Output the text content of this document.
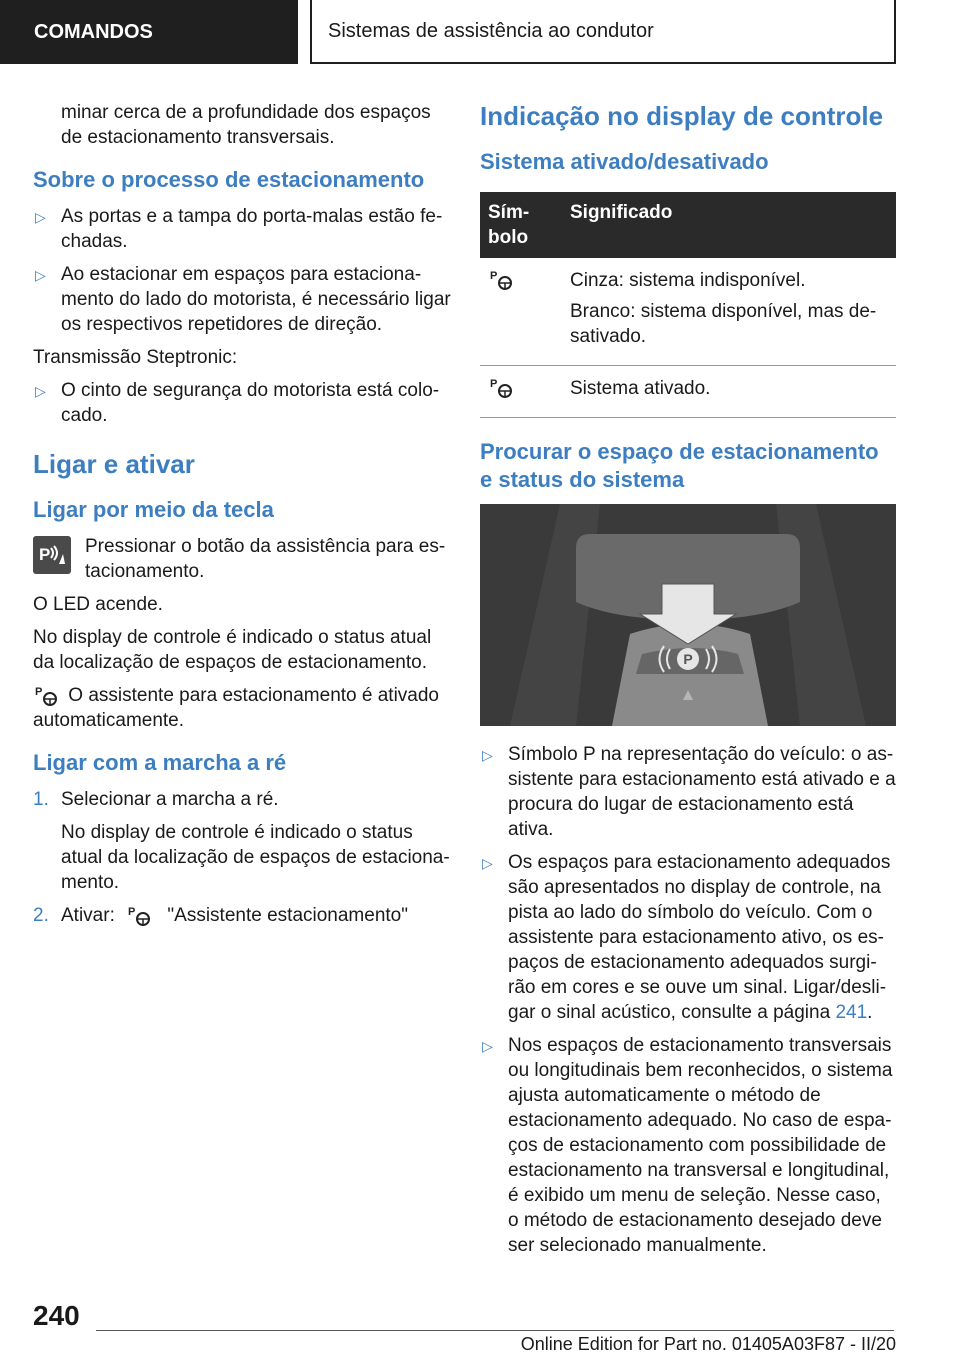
COMANDOS	Sistemas de assistência ao condutor

minar cerca de a profundidade dos espaços de estacionamento transversais.

Sobre o processo de estacionamento
▷ As portas e a tampa do porta-malas estão fechadas.
▷ Ao estacionar em espaços para estacionamento do lado do motorista, é necessário ligar os respectivos repetidores de direção.

Transmissão Steptronic:

▷ O cinto de segurança do motorista está colocado.
Ligar e ativar
Ligar por meio da tecla
P Pressionar o botão da assistência para estacionamento.

O LED acende.

No display de controle é indicado o status atual da localização de espaços de estacionamento.

P O assistente para estacionamento é ativado automaticamente.

Ligar com a marcha a ré
1. Selecionar a marcha a ré.

No display de controle é indicado o status atual da localização de espaços de estacionamento.

2. Ativar: P "Assistente estacionamento"
Indicação no display de controle
Sistema ativado/desativado
Símbolo	Significado

P	Cinza: sistema indisponível.

Branco: sistema disponível, mas desativado.

P	Sistema ativado.

Procurar o espaço de estacionamento e status do sistema
P
▷ Símbolo P na representação do veículo: o assistente para estacionamento está ativado e a procura do lugar de estacionamento está ativa.
▷ Os espaços para estacionamento adequados são apresentados no display de controle, na pista ao lado do símbolo do veículo. Com o assistente para estacionamento ativo, os espaços de estacionamento adequados surgirão em cores e se ouve um sinal. Ligar/desligar o sinal acústico, consulte a página 241.
▷ Nos espaços de estacionamento transversais ou longitudinais bem reconhecidos, o sistema ajusta automaticamente o método de estacionamento adequado. No caso de espaços de estacionamento com possibilidade de estacionamento na transversal e longitudinal, é exibido um menu de seleção. Nesse caso, o método de estacionamento desejado deve ser selecionado manualmente.
240
Online Edition for Part no. 01405A03F87 - II/20
